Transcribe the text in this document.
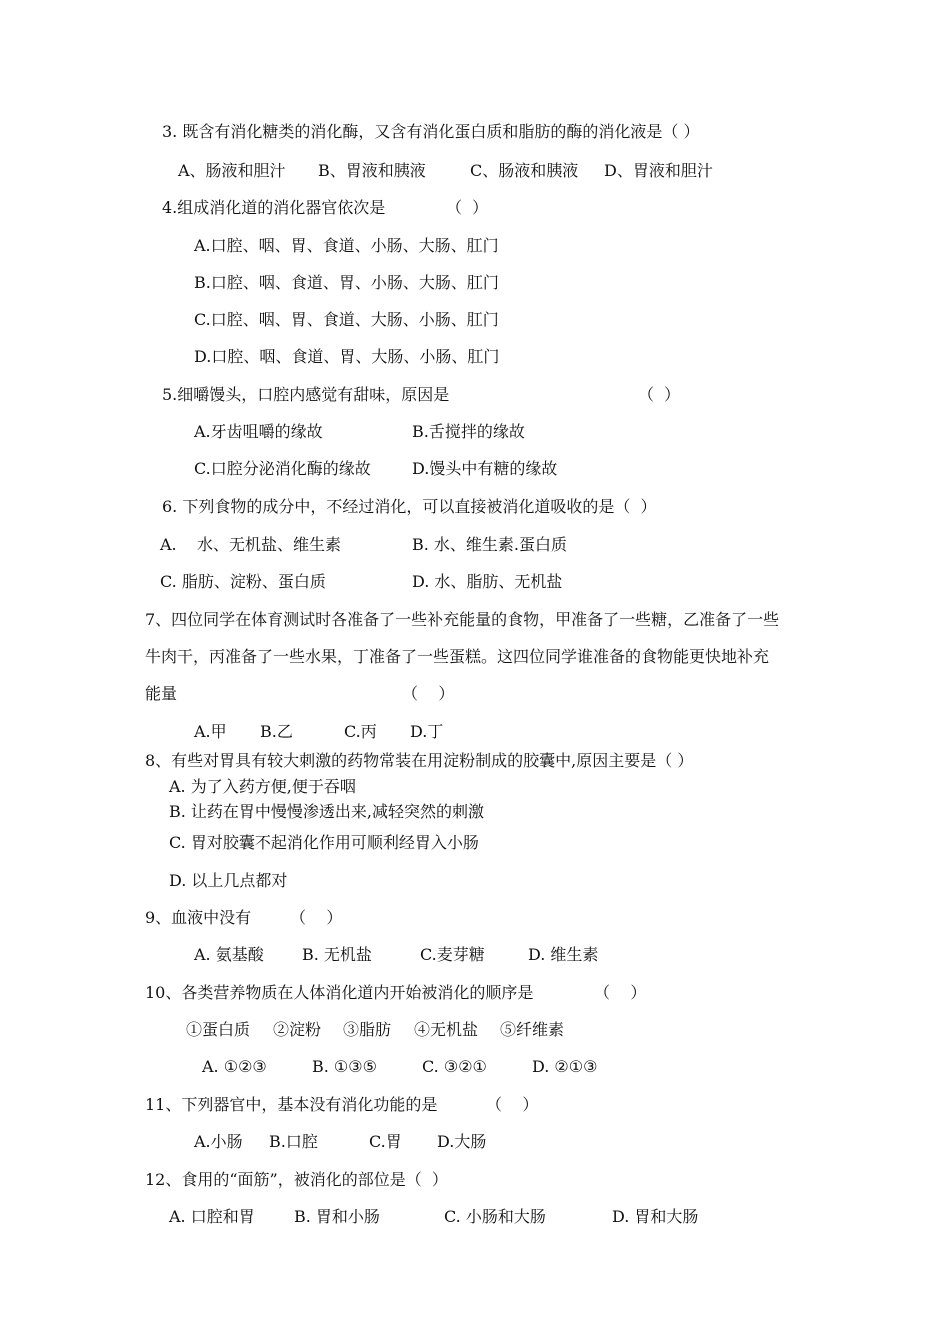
3. 既含有消化糖类的消化酶，又含有消化蛋白质和脂肪的酶的消化液是（ ）
A、肠液和胆汁 B、胃液和胰液	C、肠液和胰液 D、胃液和胆汁
4.组成消化道的消化器官依次是	（  ）
A.口腔、咽、胃、食道、小肠、大肠、肛门
B.口腔、咽、食道、胃、小肠、大肠、肛门
C.口腔、咽、胃、食道、大肠、小肠、肛门
D.口腔、咽、食道、胃、大肠、小肠、肛门
5.细嚼馒头，口腔内感觉有甜味，原因是	（  ）
A.牙齿咀嚼的缘故	B.舌搅拌的缘故
C.口腔分泌消化酶的缘故	D.馒头中有糖的缘故
6. 下列食物的成分中，不经过消化，可以直接被消化道吸收的是（  ）
A.    水、无机盐、维生素	B. 水、维生素.蛋白质
C. 脂肪、淀粉、蛋白质	D. 水、脂肪、无机盐
7、四位同学在体育测试时各准备了一些补充能量的食物，甲准备了一些糖，乙准备了一些
牛肉干，丙准备了一些水果，丁准备了一些蛋糕。这四位同学谁准备的食物能更快地补充
能量	（    ）
A.甲 B.乙	C.丙 D.丁
8、有些对胃具有较大刺激的药物常装在用淀粉制成的胶囊中,原因主要是（ ）
A. 为了入药方便,便于吞咽
B. 让药在胃中慢慢渗透出来,减轻突然的刺激
C. 胃对胶囊不起消化作用可顺利经胃入小肠
D. 以上几点都对
9、血液中没有 （    ）
A. 氨基酸 B. 无机盐	C.麦芽糖	D. 维生素
10、各类营养物质在人体消化道内开始被消化的顺序是	（    ）
①蛋白质 ②淀粉 ③脂肪 ④无机盐 ⑤纤维素
A. ①②③	B. ①③⑤	C. ③②①	D. ②①③
11、下列器官中，基本没有消化功能的是	（    ）
A.小肠 B.口腔	C.胃 D.大肠
12、食用的“面筋”，被消化的部位是（  ）
A. 口腔和胃 B. 胃和小肠	C. 小肠和大肠	D. 胃和大肠
